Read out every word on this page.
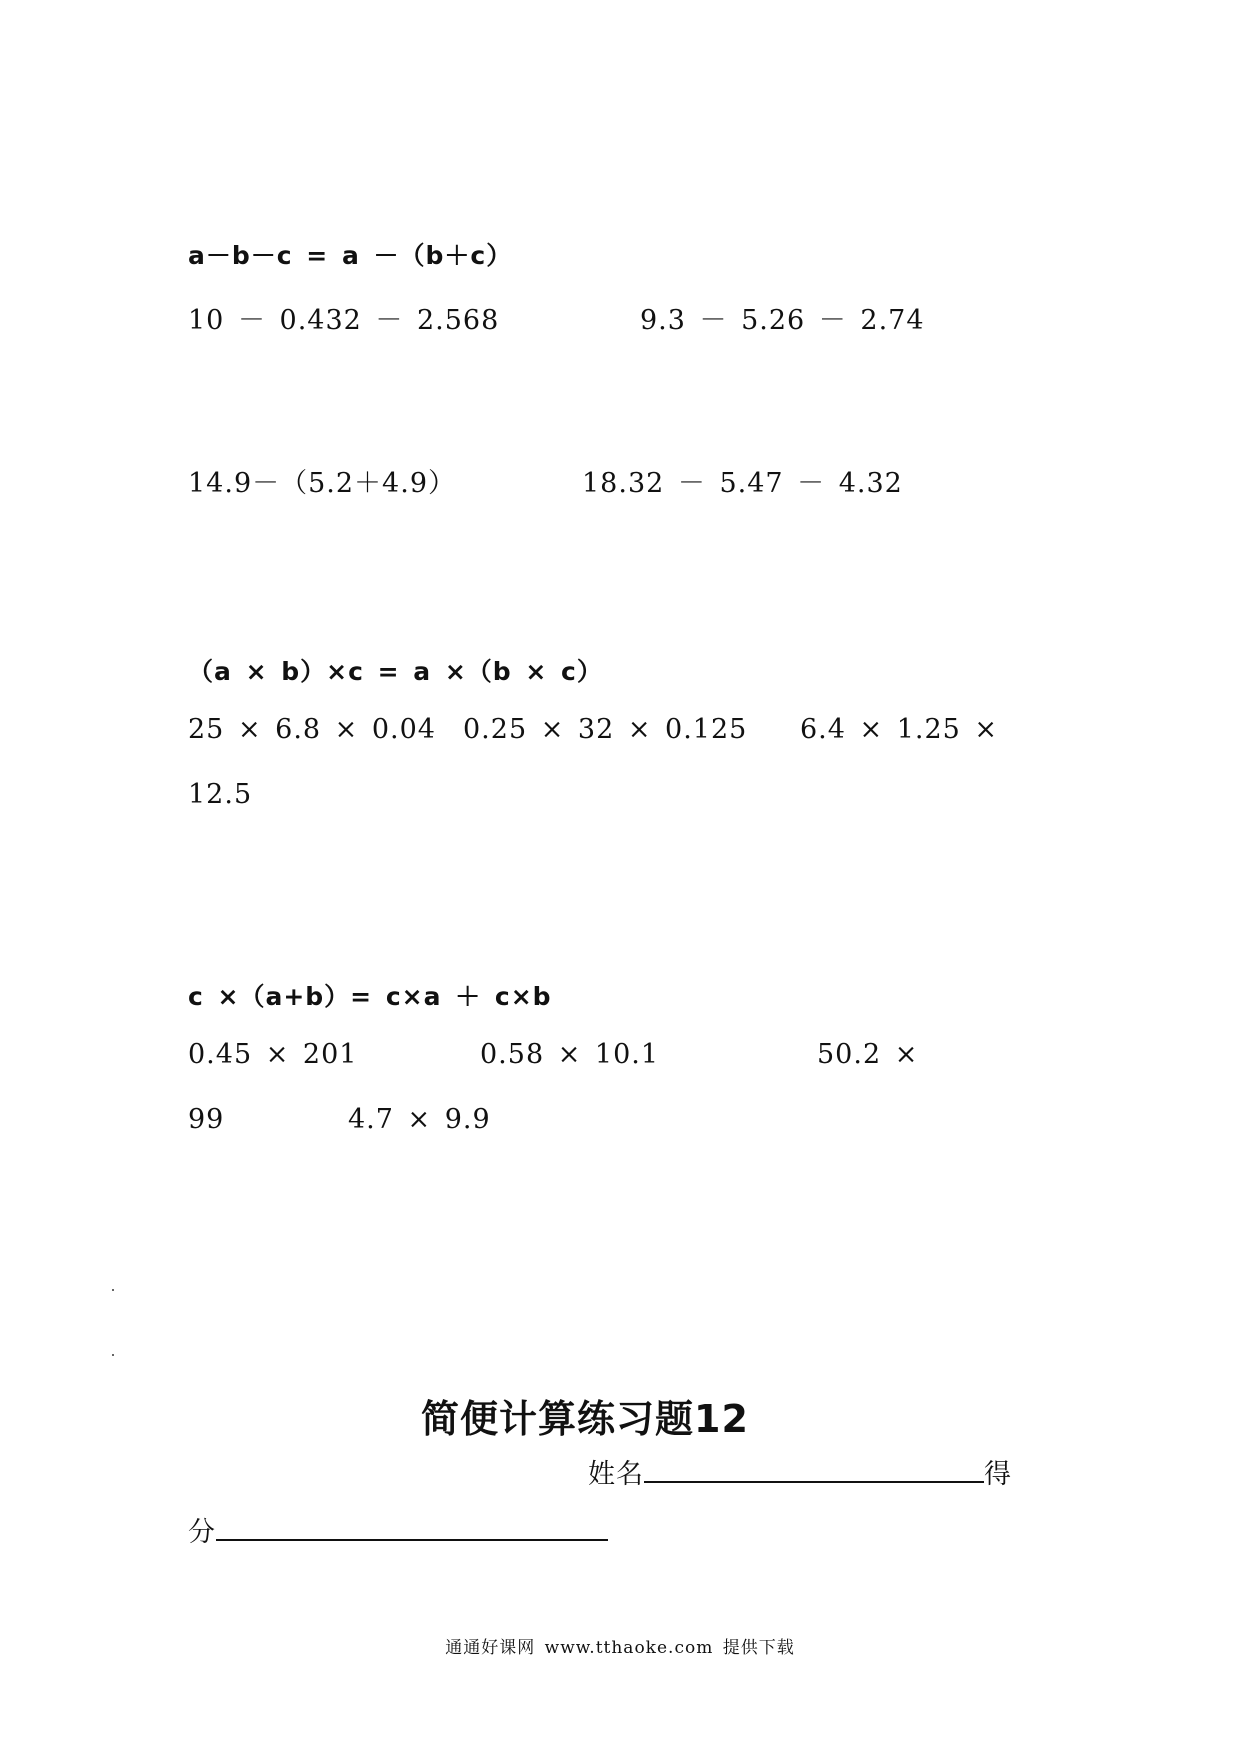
a－b－c = a －（b＋c）
10 － 0.432 － 2.568	9.3 － 5.26 － 2.74
14.9－（5.2＋4.9）	18.32 － 5.47 － 4.32
（a × b）×c = a ×（b × c）
25 × 6.8 × 0.04 0.25 × 32 × 0.125 6.4 × 1.25 ×
12.5
c ×（a+b）= c×a ＋ c×b
0.45 × 201	0.58 × 10.1	50.2 ×
99	4.7 × 9.9
简便计算练习题12
姓名	得
分
通通好课网 www.tthaoke.com 提供下载
